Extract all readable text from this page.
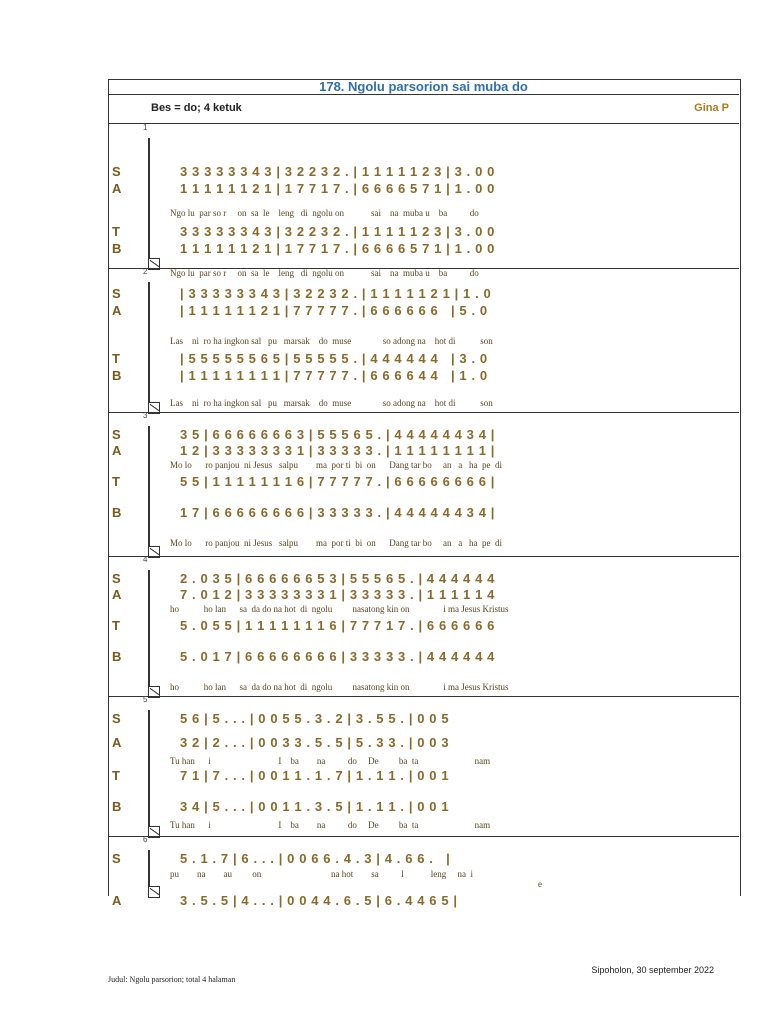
178. Ngolu parsorion sai muba do
Bes = do; 4 ketuk	Gina P
1
S	3 3 3 3 3 3 4 3 | 3 2 2 3 2 . | 1 1 1 1 1 2 3 | 3 . 0 0
A	1 1 1 1 1 1 2 1 | 1 7 7 1 7 . | 6 6 6 6 5 7 1 | 1 . 0 0
Ngo lu  par so r     on  sa  le    leng   di  ngolu on            sai    na  muba u    ba          do
T	3 3 3 3 3 3 4 3 | 3 2 2 3 2 . | 1 1 1 1 1 2 3 | 3 . 0 0
B	1 1 1 1 1 1 2 1 | 1 7 7 1 7 . | 6 6 6 6 5 7 1 | 1 . 0 0
Ngo lu  par so r     on  sa  le    leng   di  ngolu on            sai    na  muba u    ba          do
2
S	| 3 3 3 3 3 3 4 3 | 3 2 2 3 2 . | 1 1 1 1 1 2 1 | 1 . 0
A	| 1 1 1 1 1 1 2 1 | 7 7 7 7 7 . | 6 6 6 6 6 6   | 5 . 0
Las    ni  ro ha ingkon sal   pu   marsak    do  muse              so adong na    hot di           son
T	| 5 5 5 5 5 5 6 5 | 5 5 5 5 5 . | 4 4 4 4 4 4   | 3 . 0
B	| 1 1 1 1 1 1 1 1 | 7 7 7 7 7 . | 6 6 6 6 4 4   | 1 . 0
Las    ni  ro ha ingkon sal   pu   marsak    do  muse              so adong na    hot di           son
3
S	3 5 | 6 6 6 6 6 6 6 3 | 5 5 5 6 5 . | 4 4 4 4 4 4 3 4 |
A	1 2 | 3 3 3 3 3 3 3 1 | 3 3 3 3 3 . | 1 1 1 1 1 1 1 1 |
Mo lo      ro panjou  ni Jesus   salpu        ma  por ti  bi  on      Dang tar bo     an   a   ha  pe  di
T	5 5 | 1 1 1 1 1 1 1 6 | 7 7 7 7 7 . | 6 6 6 6 6 6 6 6 |
B	1 7 | 6 6 6 6 6 6 6 6 | 3 3 3 3 3 . | 4 4 4 4 4 4 3 4 |
Mo lo      ro panjou  ni Jesus   salpu        ma  por ti  bi  on      Dang tar bo     an   a   ha  pe  di
4
S	2 . 0 3 5 | 6 6 6 6 6 6 5 3 | 5 5 5 6 5 . | 4 4 4 4 4 4
A	7 . 0 1 2 | 3 3 3 3 3 3 3 1 | 3 3 3 3 3 . | 1 1 1 1 1 4
ho           ho lan      sa  da do na hot  di  ngolu         nasatong kin on               i ma Jesus Kristus
T	5 . 0 5 5 | 1 1 1 1 1 1 1 6 | 7 7 7 1 7 . | 6 6 6 6 6 6
B	5 . 0 1 7 | 6 6 6 6 6 6 6 6 | 3 3 3 3 3 . | 4 4 4 4 4 4
ho           ho lan      sa  da do na hot  di  ngolu         nasatong kin on               i ma Jesus Kristus
5
S	5 6 | 5 . . . | 0 0 5 5 . 3 . 2 | 3 . 5 5 . | 0 0 5
A	3 2 | 2 . . . | 0 0 3 3 . 5 . 5 | 5 . 3 3 . | 0 0 3
Tu han      i                              I    ba        na          do     De         ba  ta                         nam
T	7 1 | 7 . . . | 0 0 1 1 . 1 . 7 | 1 . 1 1 . | 0 0 1
B	3 4 | 5 . . . | 0 0 1 1 . 3 . 5 | 1 . 1 1 . | 0 0 1
Tu han      i                              I    ba        na          do     De         ba  ta                         nam
6
S	5 . 1 . 7 | 6 . . . | 0 0 6 6 . 4 . 3 | 4 . 6 6 .   |
pu        na        au         on                               na hot        sa          l            leng     na  i
e
A	3 . 5 . 5 | 4 . . . | 0 0 4 4 . 6 . 5 | 6 . 4 4 6 5 |
Judul: Ngolu parsorion; total 4 halaman
Sipoholon, 30 september 2022
